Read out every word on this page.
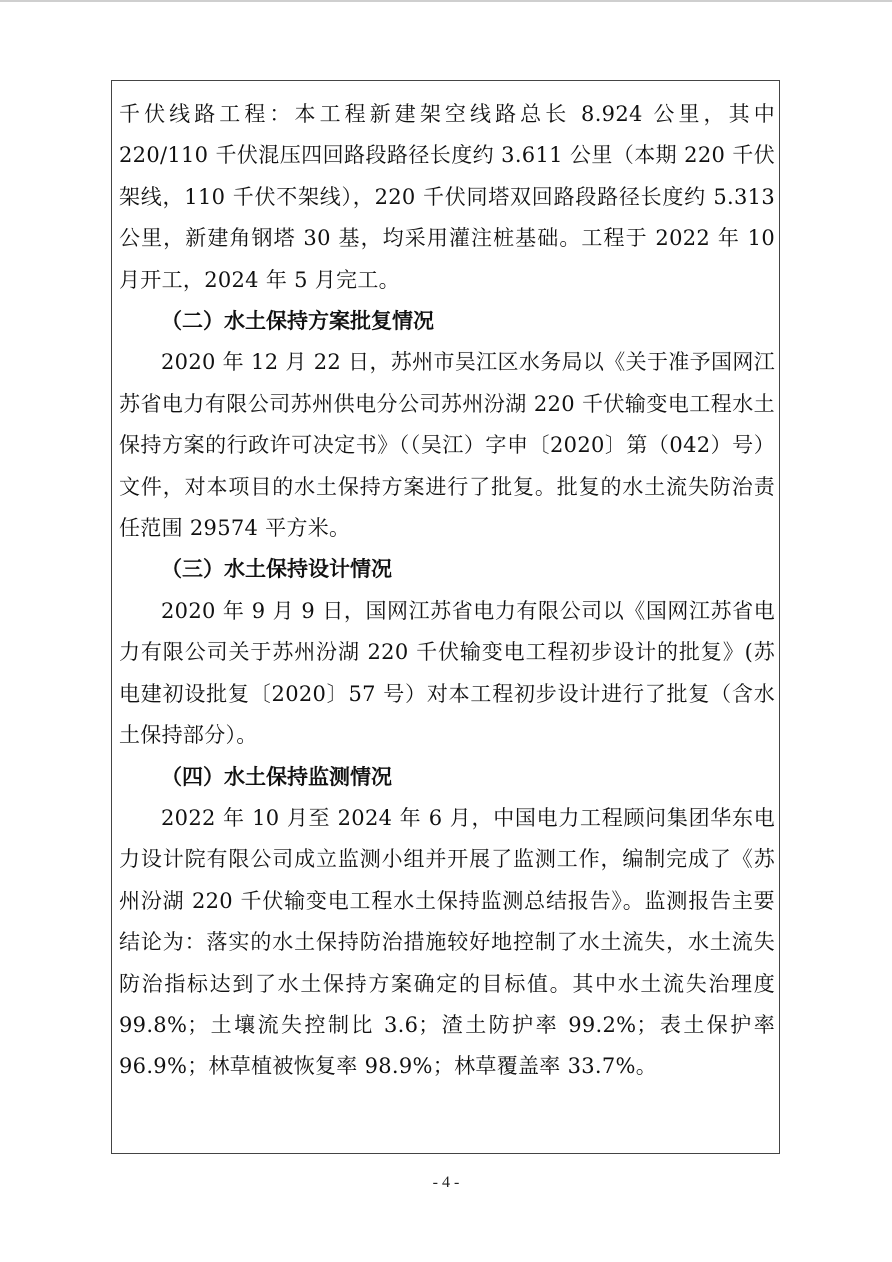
千伏线路工程：本工程新建架空线路总长 8.924 公里，其中 220/110 千伏混压四回路段路径长度约 3.611 公里（本期 220 千伏架线，110 千伏不架线），220 千伏同塔双回路段路径长度约 5.313 公里，新建角钢塔 30 基，均采用灌注桩基础。工程于 2022 年 10 月开工，2024 年 5 月完工。

（二）水土保持方案批复情况

2020 年 12 月 22 日，苏州市吴江区水务局以《关于准予国网江苏省电力有限公司苏州供电分公司苏州汾湖 220 千伏输变电工程水土保持方案的行政许可决定书》（（吴江）字申〔2020〕第（042）号）文件，对本项目的水土保持方案进行了批复。批复的水土流失防治责任范围 29574 平方米。

（三）水土保持设计情况

2020 年 9 月 9 日，国网江苏省电力有限公司以《国网江苏省电力有限公司关于苏州汾湖 220 千伏输变电工程初步设计的批复》(苏电建初设批复〔2020〕57 号）对本工程初步设计进行了批复（含水土保持部分）。

（四）水土保持监测情况

2022 年 10 月至 2024 年 6 月，中国电力工程顾问集团华东电力设计院有限公司成立监测小组并开展了监测工作，编制完成了《苏州汾湖 220 千伏输变电工程水土保持监测总结报告》。监测报告主要结论为：落实的水土保持防治措施较好地控制了水土流失，水土流失防治指标达到了水土保持方案确定的目标值。其中水土流失治理度 99.8%；土壤流失控制比 3.6；渣土防护率 99.2%；表土保护率 96.9%；林草植被恢复率 98.9%；林草覆盖率 33.7%。

- 4 -
